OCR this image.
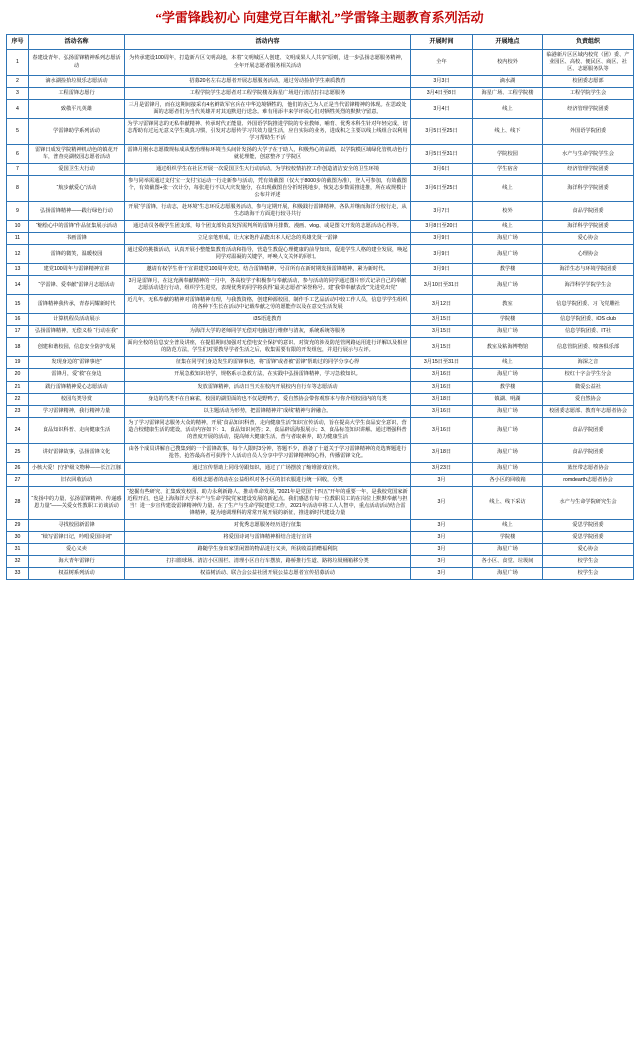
“学雷锋践初心 向建党百年献礼”学雷锋主题教育系列活动
序号	活动名称	活动内容	开展时间	开展地点	负责组织
1	春建设青年、弘扬雷锋精神系列志愿活动	为传承建设100周年，打造新片区文明高地，本着“文明城区人创建、文明成果人人共享”原则，进一步弘扬志愿服务精神，全年开展志愿者服务相关活动	全年	校内校外	临港新片区区域内校党（团）委、产业园区、高校、便民区、商区、社区、志愿服务队等
2	滴水湖捡拾垃圾乐志愿活动	招募20名左右志愿者开展志愿服务活动，通过劳动捡拾学生素质教育	3月3日	滴水湖	校团委志愿部
3	工程雷锋志愿行	工程学院学生志愿者对工程学院楼及海星广场进行清洁打扫志愿服务	3月4日至8日	海星广场、工程学院楼	工程学院学生会
4	致敬平凡英雄	三月是雷锋月，而在这期间接采有4名鲜故军官兵在中华边境牺牲的，他们的舍己为人正是当代雷锋精神的体现。在思政处面的志愿者们为当代英雄并对其追默进行送念。难有用添丰来学评说心们对牺牲英烈的默默守留意。	3月4日	线上	经济管理学院团委
5	学雷锋助学系列活动	为学习雷锋同志的无私奉献精神、传承时代正能量、外国语学院推进学院的专业教师，哺育、优秀本科生针对年轻完成，切志帮助有过远无意义学生奠真习惯，引发对志愿传学习共效力量生活，应自实际的业务，进成积之主要以线上线组合以利用学习帮助生不活	3月5日至25日	线上、线下	外国语学院团委
6	雷锋日成发学院精神机动色的镇花开车，普查亮湖校园志愿者活动	雷锋月刚水志愿微规标成从整治理标环境当头间针发扬的大学子在于助人，积极热心的品德，以学院模区域绿化管机动色行就花理能，创意整齐了学院区	3月5日至31日	学院校园	水产与生命学院学生会
7	爱国卫生大行动	通过组织学生在社区开展一次爱国卫生大行动活动，为学校校情抗控工作创造清洁安全的卫生环境	3月6日	学生宿舍	经济管理学院团委
8	“航步献爱心”活动	参与同举需通过支付宝一支付宝运动一行走新参与活动，凭有效截图（仅大于8000步的截图为准），登人可参加，有效截图个，有效截图+张一次计分，每张进行不以大庆发施分，在出现截图自分折时挑地步，恢复志步数需推进推，所在或规模计公布并评述	3月6日至25日	线上	海洋科学学院团委
9	弘扬雷锋精神——践行绿色行动	开展“学雷锋，行动志，赴环境”生志环反志愿服务活动，参与定期开展，积极践行雷锋精神，各队并继而海洋分校行走，从生态助海干方面进行较寻共行	3月7日	校外	食品学院团委
10	“缩绘心中的雷锋”作品征集展示活动	通过动员各级学生团支部，每个团支部负责发挥需判所的雷锋月排数、漫画、vlog、或是图文开发的志愿活动心得等。	3月8日至20日	线上	海洋科学学院团委
11	书画雷锋	立足亲笔形成，让大家饱作品能出本人纪念的英雄先贤一雷锋	3月9日	海星广场	爱心协会
12	雷锋的微笑，温暖校园	通过爱的挑拨活动，认真开展小整能集教育活动和指导，营造生教促心理健康的前导知出，促进学生人格的建全发展，唤起同学对温凝的关键学，呼唤人文关怀的回归。	3月9日	海星广场	心理协会
13	建党100周年与雷锋精神宣讲	邀请有权学生骨干宣讲建党100周年党史，结合雷锋精神，号召所有在新时期发扬雷锋精神，紧为新时代。	3月9日	教学楼	海洋生态与环境学院团委
14	“学雷锋、爱奉献”雷锋月志愿活动	3月是雷锋月，在这充满奉献精神的一月中，各高校学子积极参与奉献活动，参与活动的同学通过图片形式记录自己的奉献志愿活动进行行动，组织学生进党，表现优秀的同学将获得“最美志愿者”荣誉称号。建“我带奉献表没”“先进党出党”	3月10日至31日	海星广场	海洋科学学院学生会
15	雷锋精神我传承，青春闪耀新时代	近几年，无私奉献的精神对雷锋精神有理，与我教资格，创建种源校园，制作手工艺品活动中较工作人员，信息学学生组织的各种下生长在活动中记载奉献之劳的愿能作以及在意交生活发展	3月12日	教室	信息学院团委、习 飞党雕社
16	计算机程员活动展示	i3S语进教育	3月15日	学院楼	信息学院团委、iOS club
17	弘扬雷锋精神，无偿义检 “行动在我”	为海洋大学的老师同学无偿对电脑进行维修与清灰，系统系统等服务	3月15日	海星广场	信息学院团委、IT社
18	创建和谐校园，信息安全防护发展	面向全校的信息安全普及讲座，在提倡期间加强对无偿电安全保护的意识、对资充的涉及防范管网路运用进行详解以及相应的防范方法，学生们对要教导学者生活之后，收集需要有限的开发组包，并进行展示与左评。	3月15日	教室及粘海博物馆	信息管院团委、嗅客俱乐部
19	发现身边的“雷锋事迹”	征集在同学们身边发生的雷锋事迹，将“雷锋”或者被“雷锋”帮助过的同学分享心得	3月15日至31日	线上	海深之音
20	雷锋月，爱“救”在身边	开展急救知识培学，规格系示急救方法，在实践中弘扬雷锋精神，学习急救知识。	3月16日	海星广场	校红十字会学生分会
21	践行雷锋精神爱心志愿活动	发放雷锋精神，活动日当天在校内开展校内自行车等志愿活动	3月16日	教学楼	微爱公益社
22	校园鸟类导赏	身边的鸟类不在自麻雀，校园的湖里面的也不仅是野鸭子，爱自然协会带你观察本与你介绍校园内的鸟类	3月18日	镇湖、明湖	爱自然协会
23	学习雷锋精神，我行精神力量	以主题活动为形势，把雷锋精神并“成线”精神与辞融合。	3月16日	海星广场	校团委志愿部、教育年志愿者协会
24	食品知识科普、走向健康生活	为了学习雷锋同志服务大众的精神，开展“食品知识科普，走向健康生活”知识宣传活动，旨在提高大学生食品安全意识，营造合校健康生活的建设，活动内容如下：1、食品知识问答；2、食品辟谣海报展示；3、食品标签知识讲解。通过增强科普的普度开展的活动，提高师大健康生活，普与者取素养，助力健康生活	3月16日	海星广场	食品学院团委
25	讲好雷锋故事，弘扬雷锋文化	由各个成员讲解自己搜集到的一个雷锋故事，每个人限时3分钟，答题不少，准备了十道关于学习雷锋精神的竞选赛题进行抢答，抢答最高者可获得个人活动自员人分享中学习雷锋精神的心得，传播雷锋文化。	3月18日	海星广场	食品学院团委
26	小核大爱！|守护级文物种——长江江豚	通过宣传帮助上同母劳跟知识，通过了广场摆放了缩堆游戏宣传。	3月23日	海星广场	蓝丝带志愿者协会
27	旧衣回收活动	组组志愿者的动在公益组织对各小区的旧衣服进行统一回收，分类	3月	各小区的回收箱	romdearth志愿者协会
28	“发扬中的力量，弘扬雷锋精神、传递感恩力量”——关爱女性教职工访谈活动	“挖掘有些研究、汇集致发校园、助力永利新路人、推动革命发展、”2021年是党国“十四五”开年的重要一年，是我校党国家新近程开启，也是上海海洋大学本产与生命学院党家建设发展的新起点。我们感恩有每一位教职员工的在岗位上默默奉献与担当！进一步宣传建设雷锋精神传力量、在了生产与生命学院建党工作，2021年活动中将工人人智中，重点活动活动结合雷锋精神，提为地调理科的常常开展开展的新征，推进新时代建设力量	3月	线上、线下采访	水产与生命学院研究生会
29	寻找校园新雷锋	对优秀志愿服务经历进行征集	3月	线上	爱思学院团委
30	“续写雷锋日记，吟唱爱国诗词”	将爱国诗词与雷锋精神相结合进行宣讲	3月	学院楼	爱思学院团委
31	爱心义卖	路随学生身出家里闲置的物品进行义卖，所获收益捐赠福利院	3月	海星广场	爱心协会
32	海大青年雷锋行	打扫篮球场、清洁小区围栏、清理小区自行车摆放，路桥推行生道、路将垃圾桶箱移分类	3月	各小区、食堂、垃圾间	校学生会
33	权益树系列活动	权益树活动、联合会公益社团开展公益志愿者宣传招募活动	3月	海星广场	校学生会
